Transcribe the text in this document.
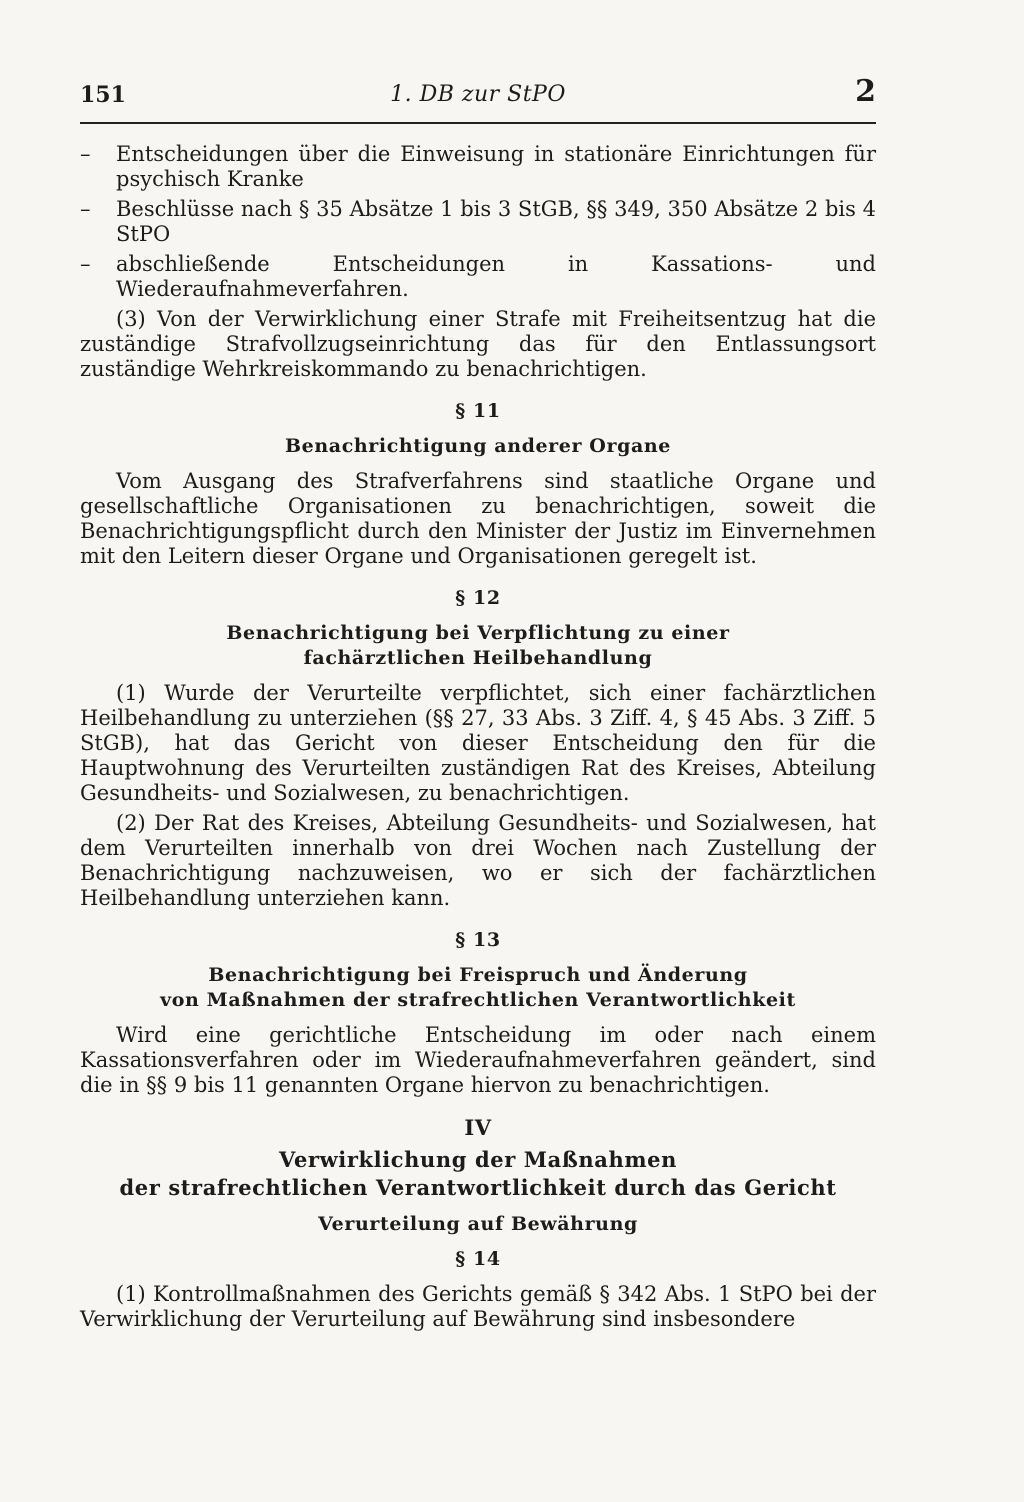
151	1. DB zur StPO	2
–	Entscheidungen über die Einweisung in stationäre Einrichtungen für psychisch Kranke
–	Beschlüsse nach § 35 Absätze 1 bis 3 StGB, §§ 349, 350 Absätze 2 bis 4 StPO
–	abschließende Entscheidungen in Kassations- und Wiederaufnahmeverfahren.

(3) Von der Verwirklichung einer Strafe mit Freiheitsentzug hat die zuständige Strafvollzugseinrichtung das für den Entlassungsort zuständige Wehrkreiskommando zu benachrichtigen.

§ 11
Benachrichtigung anderer Organe

Vom Ausgang des Strafverfahrens sind staatliche Organe und gesellschaftliche Organisationen zu benachrichtigen, soweit die Benachrichtigungspflicht durch den Minister der Justiz im Einvernehmen mit den Leitern dieser Organe und Organisationen geregelt ist.

§ 12
Benachrichtigung bei Verpflichtung zu einer
fachärztlichen Heilbehandlung

(1) Wurde der Verurteilte verpflichtet, sich einer fachärztlichen Heilbehandlung zu unterziehen (§§ 27, 33 Abs. 3 Ziff. 4, § 45 Abs. 3 Ziff. 5 StGB), hat das Gericht von dieser Entscheidung den für die Hauptwohnung des Verurteilten zuständigen Rat des Kreises, Abteilung Gesundheits- und Sozialwesen, zu benachrichtigen.

(2) Der Rat des Kreises, Abteilung Gesundheits- und Sozialwesen, hat dem Verurteilten innerhalb von drei Wochen nach Zustellung der Benachrichtigung nachzuweisen, wo er sich der fachärztlichen Heilbehandlung unterziehen kann.

§ 13
Benachrichtigung bei Freispruch und Änderung
von Maßnahmen der strafrechtlichen Verantwortlichkeit

Wird eine gerichtliche Entscheidung im oder nach einem Kassationsverfahren oder im Wiederaufnahmeverfahren geändert, sind die in §§ 9 bis 11 genannten Organe hiervon zu benachrichtigen.

IV
Verwirklichung der Maßnahmen
der strafrechtlichen Verantwortlichkeit durch das Gericht
Verurteilung auf Bewährung
§ 14

(1) Kontrollmaßnahmen des Gerichts gemäß § 342 Abs. 1 StPO bei der Verwirklichung der Verurteilung auf Bewährung sind insbesondere
